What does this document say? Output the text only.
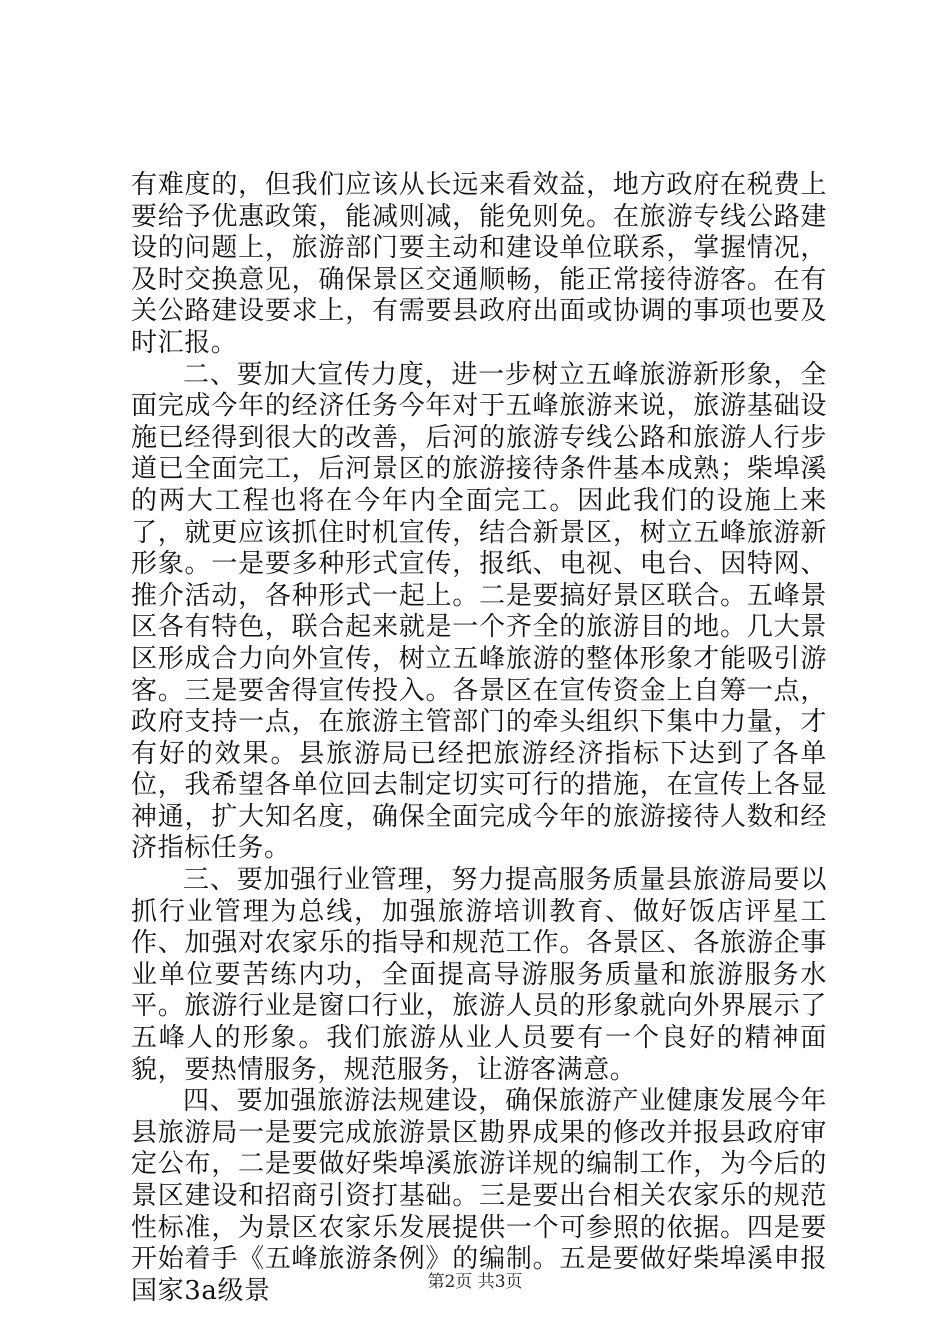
有难度的，但我们应该从长远来看效益，地方政府在税费上要给予优惠政策，能减则减，能免则免。在旅游专线公路建设的问题上，旅游部门要主动和建设单位联系，掌握情况，及时交换意见，确保景区交通顺畅，能正常接待游客。在有关公路建设要求上，有需要县政府出面或协调的事项也要及时汇报。

二、要加大宣传力度，进一步树立五峰旅游新形象，全面完成今年的经济任务今年对于五峰旅游来说，旅游基础设施已经得到很大的改善，后河的旅游专线公路和旅游人行步道已全面完工，后河景区的旅游接待条件基本成熟；柴埠溪的两大工程也将在今年内全面完工。因此我们的设施上来了，就更应该抓住时机宣传，结合新景区，树立五峰旅游新形象。一是要多种形式宣传，报纸、电视、电台、因特网、推介活动，各种形式一起上。二是要搞好景区联合。五峰景区各有特色，联合起来就是一个齐全的旅游目的地。几大景区形成合力向外宣传，树立五峰旅游的整体形象才能吸引游客。三是要舍得宣传投入。各景区在宣传资金上自筹一点，政府支持一点，在旅游主管部门的牵头组织下集中力量，才有好的效果。县旅游局已经把旅游经济指标下达到了各单位，我希望各单位回去制定切实可行的措施，在宣传上各显神通，扩大知名度，确保全面完成今年的旅游接待人数和经济指标任务。

三、要加强行业管理，努力提高服务质量县旅游局要以抓行业管理为总线，加强旅游培训教育、做好饭店评星工作、加强对农家乐的指导和规范工作。各景区、各旅游企事业单位要苦练内功，全面提高导游服务质量和旅游服务水平。旅游行业是窗口行业，旅游人员的形象就向外界展示了五峰人的形象。我们旅游从业人员要有一个良好的精神面貌，要热情服务，规范服务，让游客满意。

四、要加强旅游法规建设，确保旅游产业健康发展今年县旅游局一是要完成旅游景区勘界成果的修改并报县政府审定公布，二是要做好柴埠溪旅游详规的编制工作，为今后的景区建设和招商引资打基础。三是要出台相关农家乐的规范性标准，为景区农家乐发展提供一个可参照的依据。四是要开始着手《五峰旅游条例》的编制。五是要做好柴埠溪申报国家3a级景	第2页 共3页
